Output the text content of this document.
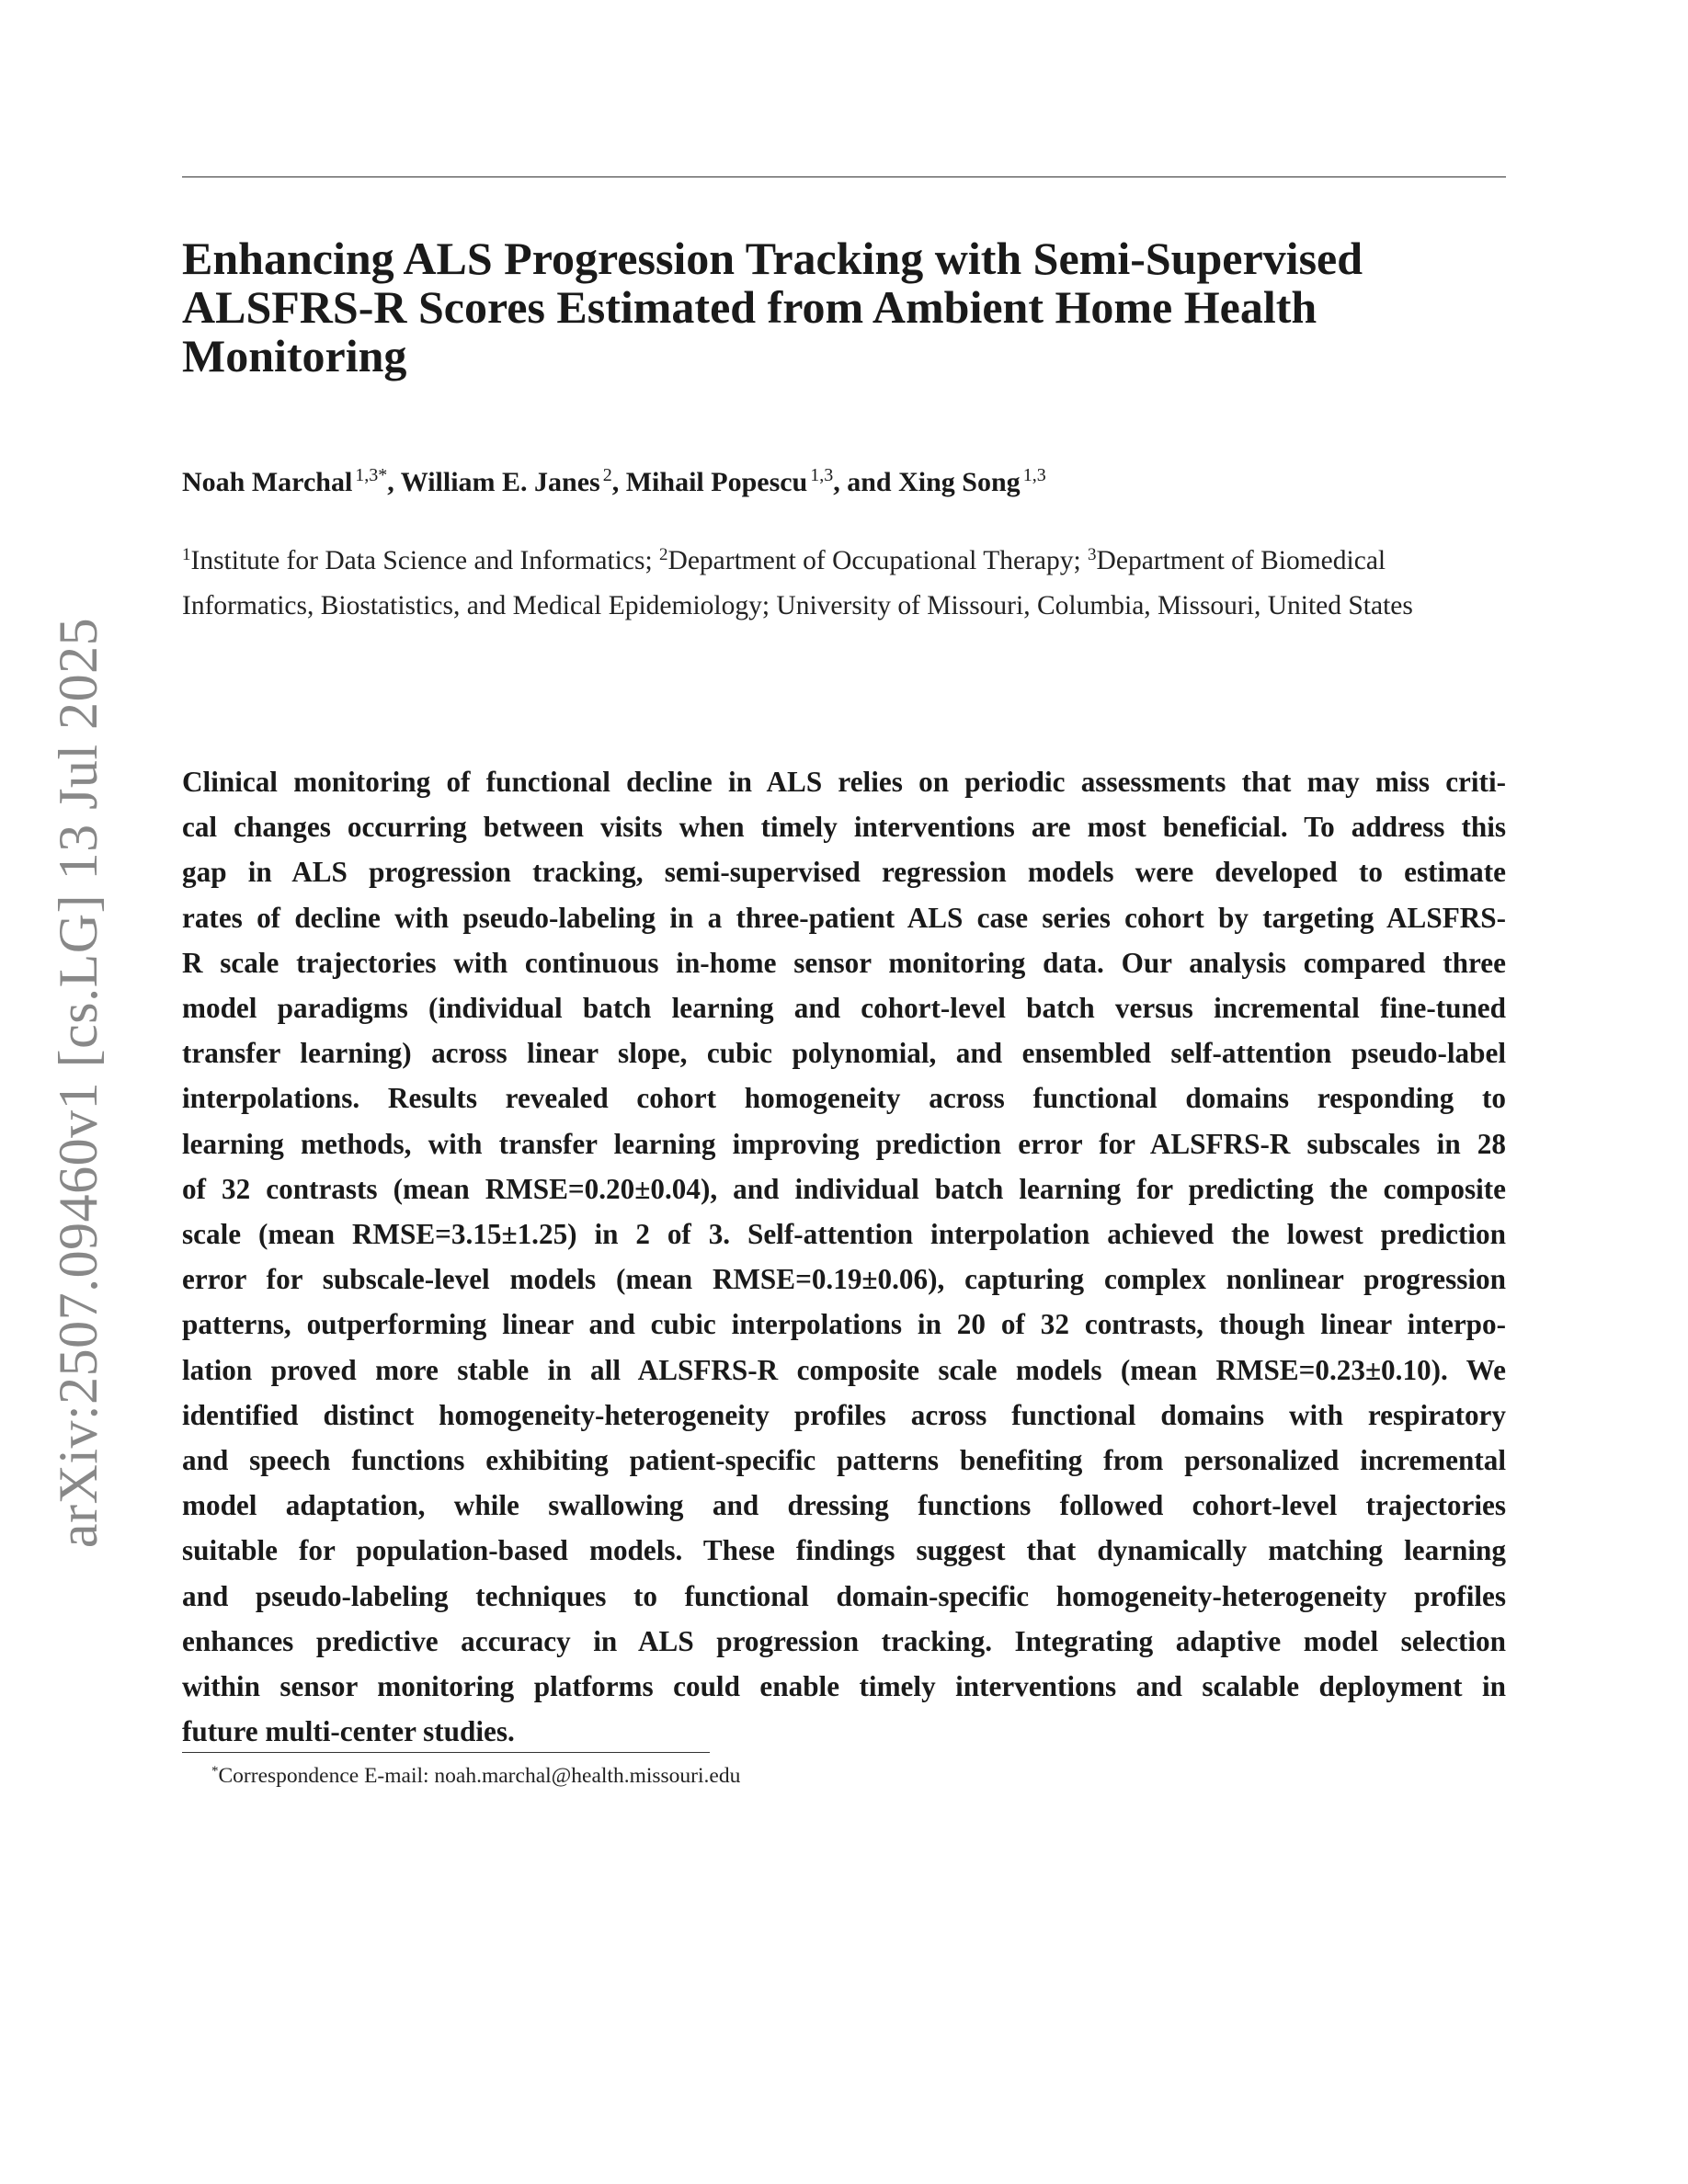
Enhancing ALS Progression Tracking with Semi-Supervised ALSFRS-R Scores Estimated from Ambient Home Health Monitoring
Noah Marchal $^{1,3*}$, William E. Janes $^2$, Mihail Popescu $^{1,3}$, and Xing Song $^{1,3}$
$^1$Institute for Data Science and Informatics; $^2$Department of Occupational Therapy; $^3$Department of Biomedical Informatics, Biostatistics, and Medical Epidemiology; University of Missouri, Columbia, Missouri, United States
Clinical monitoring of functional decline in ALS relies on periodic assessments that may miss criti-
cal changes occurring between visits when timely interventions are most beneficial. To address this
gap in ALS progression tracking, semi-supervised regression models were developed to estimate
rates of decline with pseudo-labeling in a three-patient ALS case series cohort by targeting ALSFRS-
R scale trajectories with continuous in-home sensor monitoring data. Our analysis compared three
model paradigms (individual batch learning and cohort-level batch versus incremental fine-tuned
transfer learning) across linear slope, cubic polynomial, and ensembled self-attention pseudo-label
interpolations. Results revealed cohort homogeneity across functional domains responding to
learning methods, with transfer learning improving prediction error for ALSFRS-R subscales in 28
of 32 contrasts (mean RMSE=0.20±0.04), and individual batch learning for predicting the composite
scale (mean RMSE=3.15±1.25) in 2 of 3. Self-attention interpolation achieved the lowest prediction
error for subscale-level models (mean RMSE=0.19±0.06), capturing complex nonlinear progression
patterns, outperforming linear and cubic interpolations in 20 of 32 contrasts, though linear interpo-
lation proved more stable in all ALSFRS-R composite scale models (mean RMSE=0.23±0.10). We
identified distinct homogeneity-heterogeneity profiles across functional domains with respiratory
and speech functions exhibiting patient-specific patterns benefiting from personalized incremental
model adaptation, while swallowing and dressing functions followed cohort-level trajectories
suitable for population-based models. These findings suggest that dynamically matching learning
and pseudo-labeling techniques to functional domain-specific homogeneity-heterogeneity profiles
enhances predictive accuracy in ALS progression tracking. Integrating adaptive model selection
within sensor monitoring platforms could enable timely interventions and scalable deployment in
future multi-center studies.
*Correspondence E-mail: noah.marchal@health.missouri.edu
arXiv:2507.09460v1 [cs.LG] 13 Jul 2025
